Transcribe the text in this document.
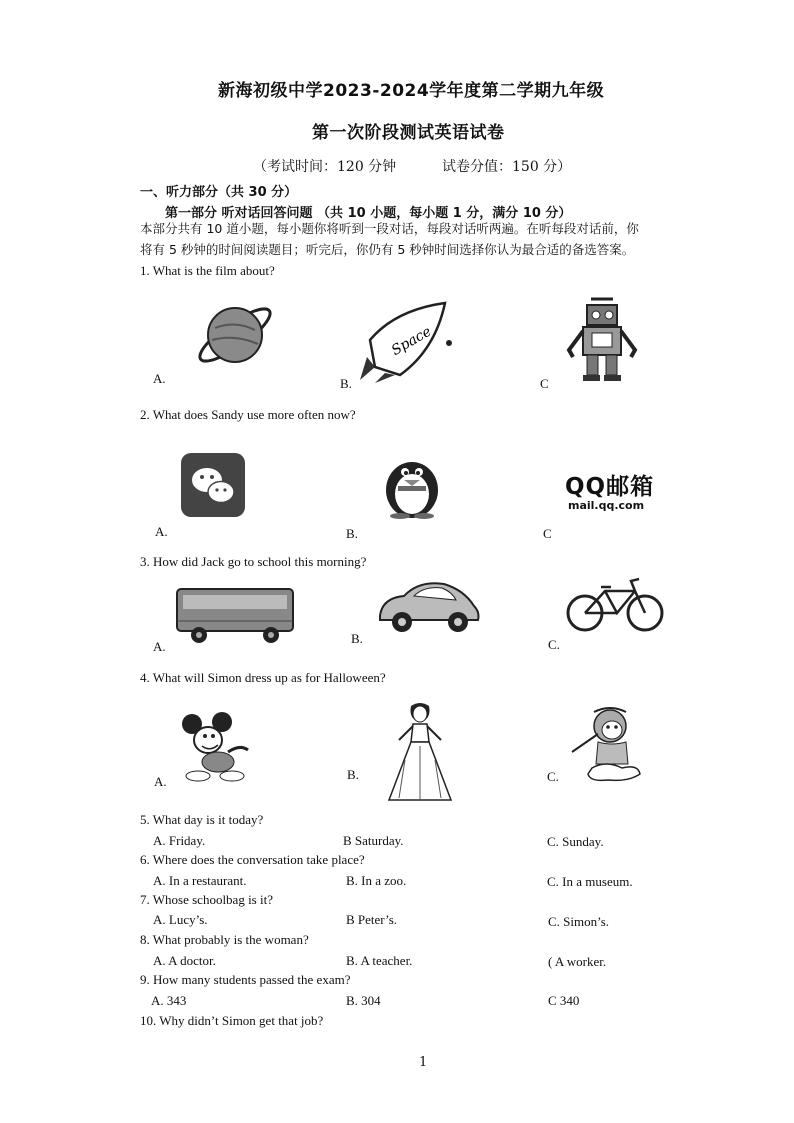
新海初级中学2023-2024学年度第二学期九年级
第一次阶段测试英语试卷
（考试时间：120 分钟	试卷分值：150 分）
一、听力部分（共 30 分）
第一部分 听对话回答问题 （共 10 小题，每小题 1 分，满分 10 分）
本部分共有 10 道小题，每小题你将听到一段对话，每段对话听两遍。在听每段对话前，你
将有 5 秒钟的时间阅读题目；听完后，你仍有 5 秒钟时间选择你认为最合适的备选答案。
1. What is the film about?
A.
Space
B.	C
2. What does Sandy use more often now?
A.	B.
QQ邮箱
mail.qq.com
C
3. How did Jack go to school this morning?
A.
B.	C.
4. What will Simon dress up as for Halloween?
A.	B.	C.
5. What day is it today?
A. Friday.	B Saturday.	C. Sunday.
6. Where does the conversation take place?
A. In a restaurant.	B. In a zoo.	C. In a museum.
7. Whose schoolbag is it?
A. Lucy’s.	B Peter’s.	C. Simon’s.
8. What probably is the woman?
A. A doctor.	B. A teacher.	( A worker.
9. How many students passed the exam?
A. 343	B. 304	C 340
10. Why didn’t Simon get that job?
1
